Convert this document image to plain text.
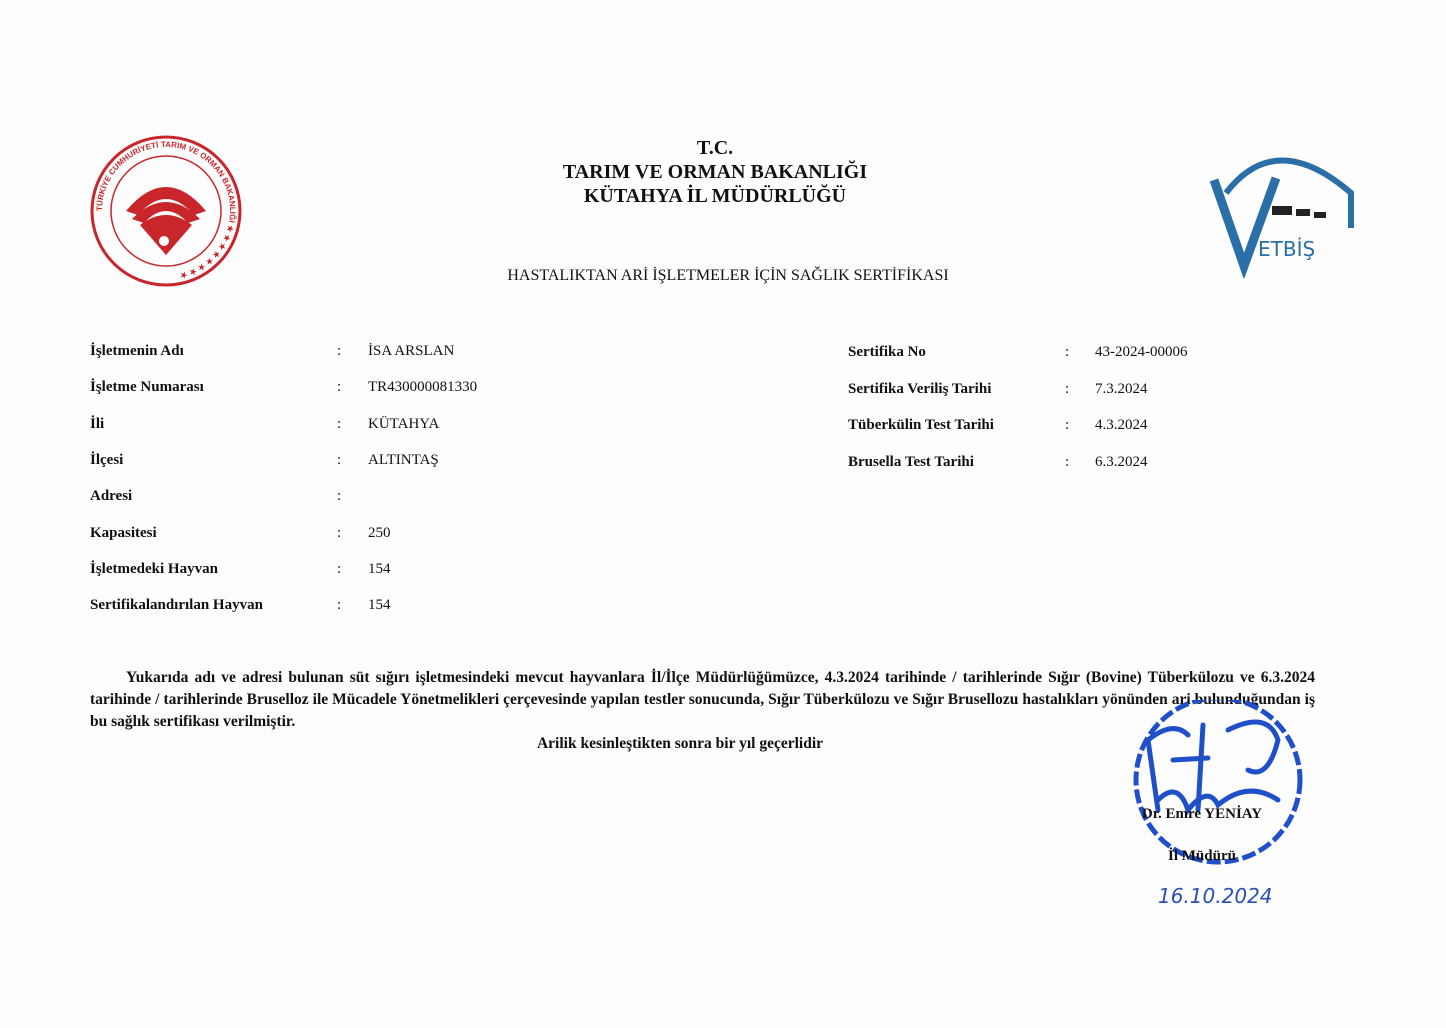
TÜRKİYE CUMHURİYETİ TARIM VE ORMAN BAKANLIĞI ★ ★ ★ ★ ★ ★ ★ ★
ETBİŞ
T.C.
TARIM VE ORMAN BAKANLIĞI
KÜTAHYA İL MÜDÜRLÜĞÜ
HASTALIKTAN ARİ İŞLETMELER İÇİN SAĞLIK SERTİFİKASI
İşletmenin Adı	: İSA ARSLAN
İşletme Numarası	: TR430000081330
İli	: KÜTAHYA
İlçesi	: ALTINTAŞ
Adresi	:
Kapasitesi	: 250
İşletmedeki Hayvan	: 154
Sertifikalandırılan Hayvan	: 154
Sertifika No	: 43-2024-00006
Sertifika Veriliş Tarihi	: 7.3.2024
Tüberkülin Test Tarihi	: 4.3.2024
Brusella Test Tarihi	: 6.3.2024

Yukarıda adı ve adresi bulunan süt sığırı işletmesindeki mevcut hayvanlara İl/İlçe Müdürlüğümüzce, 4.3.2024 tarihinde / tarihlerinde Sığır (Bovine) Tüberkülozu ve 6.3.2024 tarihinde / tarihlerinde Bruselloz ile Mücadele Yönetmelikleri çerçevesinde yapılan testler sonucunda, Sığır Tüberkülozu ve Sığır Brusellozu hastalıkları yönünden ari bulunduğundan iş bu sağlık sertifikası verilmiştir.

Arilik kesinleştikten sonra bir yıl geçerlidir

Dr. Emre YENİAY
İl Müdürü
16.10.2024
